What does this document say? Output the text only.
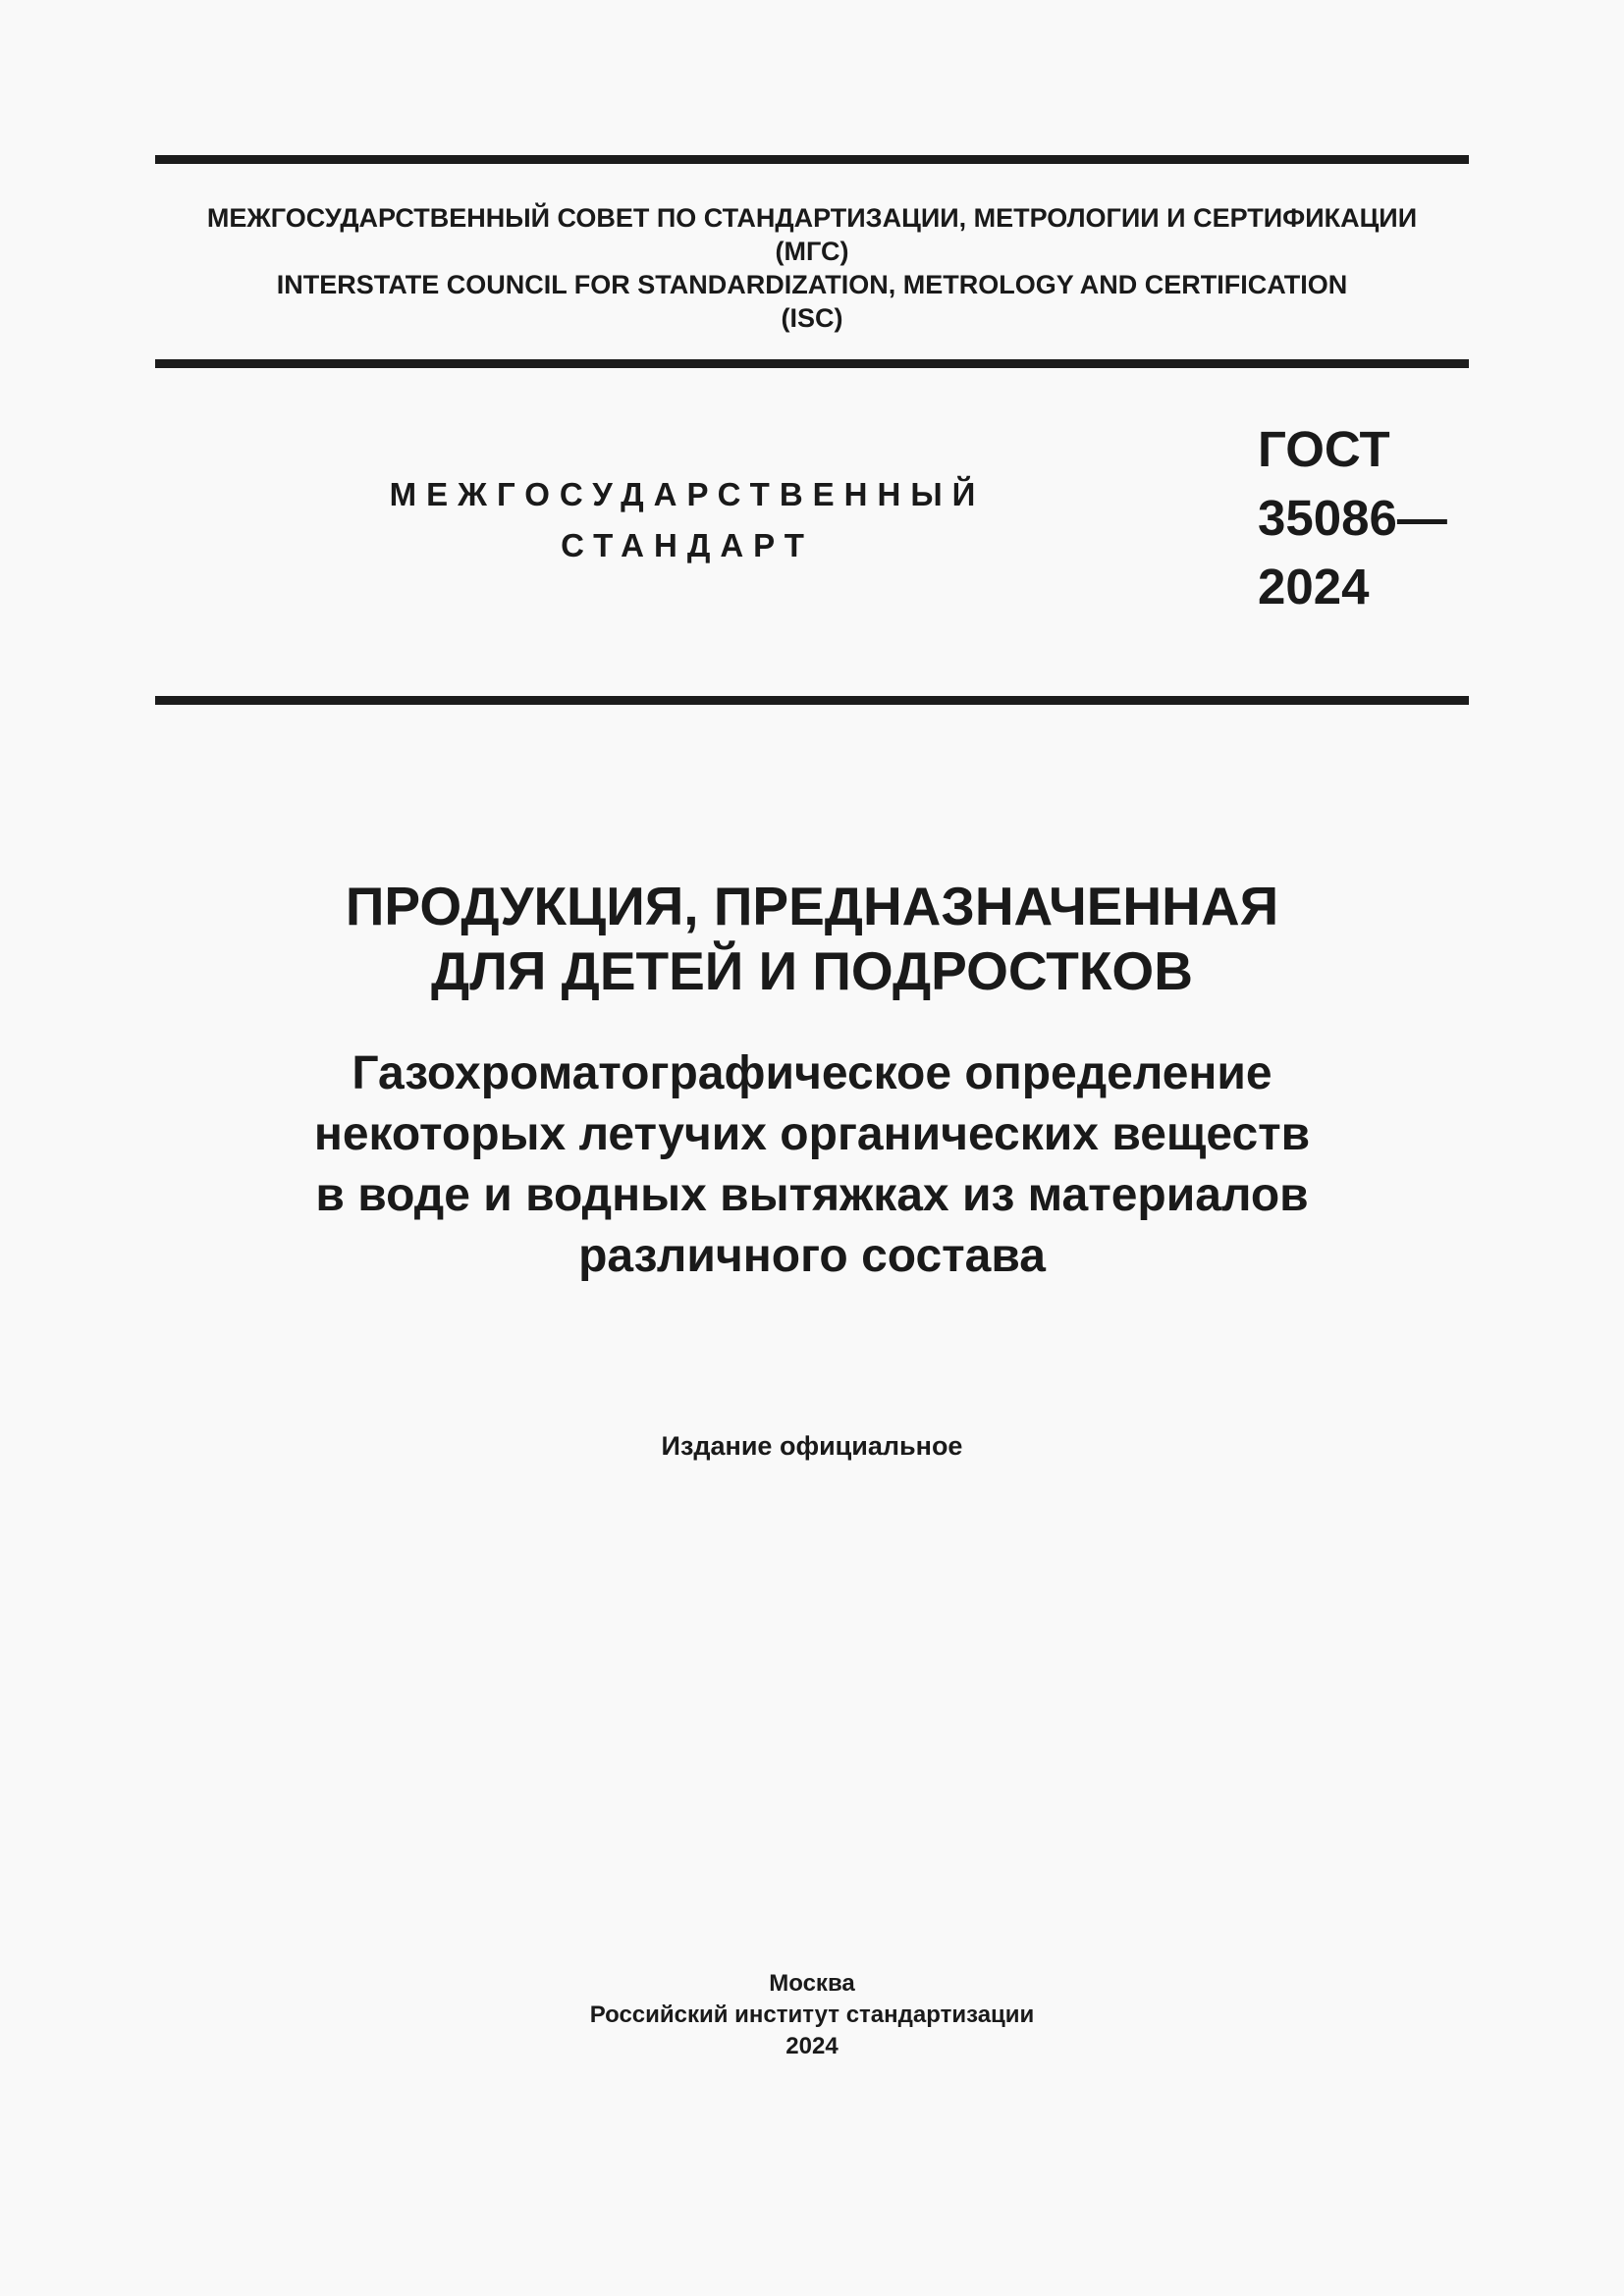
МЕЖГОСУДАРСТВЕННЫЙ СОВЕТ ПО СТАНДАРТИЗАЦИИ, МЕТРОЛОГИИ И СЕРТИФИКАЦИИ
(МГС)
INTERSTATE COUNCIL FOR STANDARDIZATION, METROLOGY AND CERTIFICATION
(ISC)
МЕЖГОСУДАРСТВЕННЫЙ
СТАНДАРТ
ГОСТ
35086—
2024
ПРОДУКЦИЯ, ПРЕДНАЗНАЧЕННАЯ
ДЛЯ ДЕТЕЙ И ПОДРОСТКОВ
Газохроматографическое определение
некоторых летучих органических веществ
в воде и водных вытяжках из материалов
различного состава
Издание официальное
Москва
Российский институт стандартизации
2024
